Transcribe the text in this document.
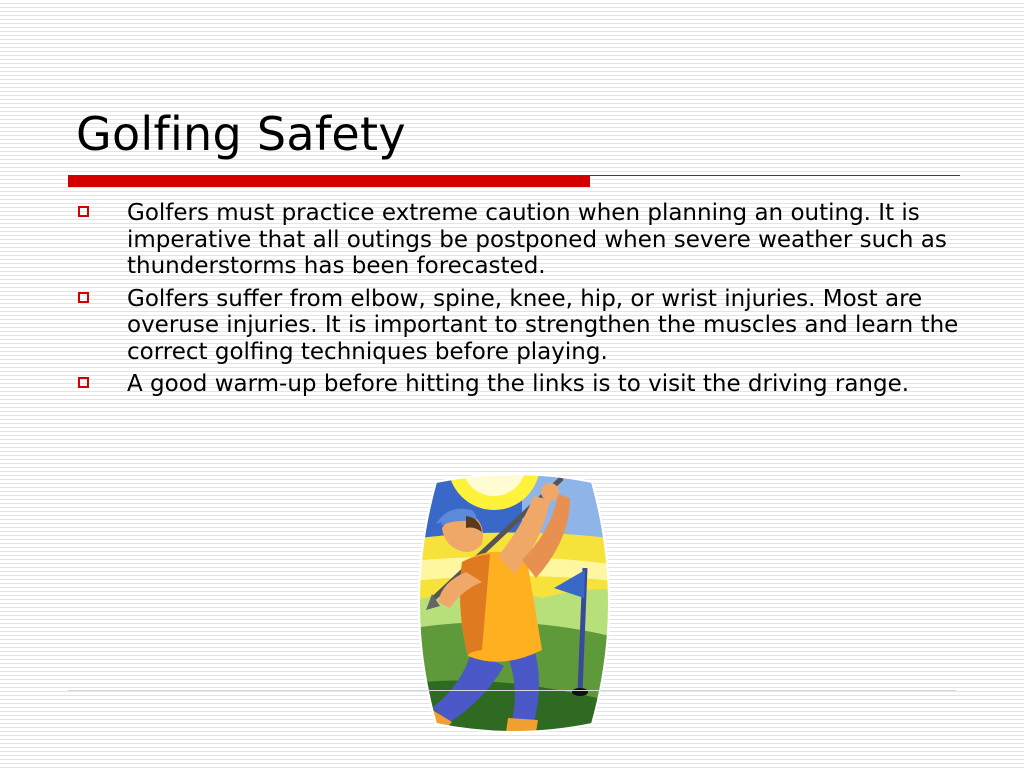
Golfing Safety
Golfers must practice extreme caution when planning an outing. It is imperative that all outings be postponed when severe weather such as thunderstorms has been forecasted.
Golfers suffer from elbow, spine, knee, hip, or wrist injuries. Most are overuse injuries. It is important to strengthen the muscles and learn the correct golfing techniques before playing.
A good warm-up before hitting the links is to visit the driving range.
